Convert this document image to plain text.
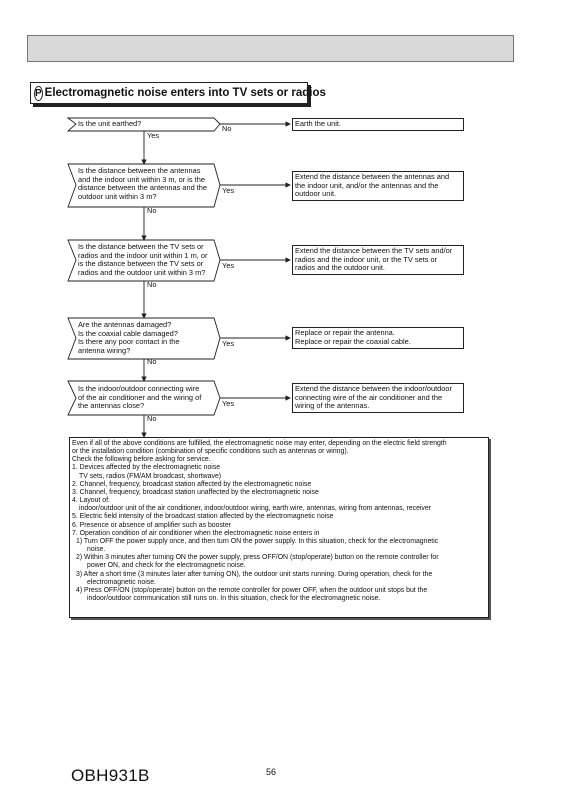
P Electromagnetic noise enters into TV sets or radios
Is the unit earthed?
Is the distance between the antennas
and the indoor unit within 3 m, or is the
distance between the antennas and the
outdoor unit within 3 m?
Is the distance between the TV sets or
radios and the indoor unit within 1 m, or
is the distance between the TV sets or
radios and the outdoor unit within 3 m?
Are the antennas damaged?
Is the coaxial cable damaged?
Is there any poor contact in the
antenna wiring?
Is the indoor/outdoor connecting wire
of the air conditioner and the wiring of
the antennas close?
Earth the unit.
Extend the distance between the antennas and
the indoor unit, and/or the antennas and the
outdoor unit.
Extend the distance between the TV sets and/or
radios and the indoor unit, or the TV sets or
radios and the outdoor unit.
Replace or repair the antenna.
Replace or repair the coaxial cable.
Extend the distance between the indoor/outdoor
connecting wire of the air conditioner and the
wiring of the antennas.
Yes
No
Yes
No
Yes
No
Yes
No
Yes
No
Even if all of the above conditions are fulfilled, the electromagnetic noise may enter, depending on the electric field strength
or the installation condition (combination of specific conditions such as antennas or wiring).
Check the following before asking for service.
1. Devices affected by the electromagnetic noise
TV sets, radios (FM/AM broadcast, shortwave)
2. Channel, frequency, broadcast station affected by the electromagnetic noise
3. Channel, frequency, broadcast station unaffected by the electromagnetic noise
4. Layout of:
indoor/outdoor unit of the air conditioner, indoor/outdoor wiring, earth wire, antennas, wiring from antennas, receiver
5. Electric field intensity of the broadcast station affected by the electromagnetic noise
6. Presence or absence of amplifier such as booster
7. Operation condition of air conditioner when the electromagnetic noise enters in
1) Turn OFF the power supply once, and then turn ON the power supply. In this situation, check for the electromagnetic
noise.
2) Within 3 minutes after turning ON the power supply, press OFF/ON (stop/operate) button on the remote controller for
power ON, and check for the electromagnetic noise.
3) After a short time (3 minutes later after turning ON), the outdoor unit starts running. During operation, check for the
electromagnetic noise.
4) Press OFF/ON (stop/operate) button on the remote controller for power OFF, when the outdoor unit stops but the
indoor/outdoor communication still runs on. In this situation, check for the electromagnetic noise.
OBH931B	56
